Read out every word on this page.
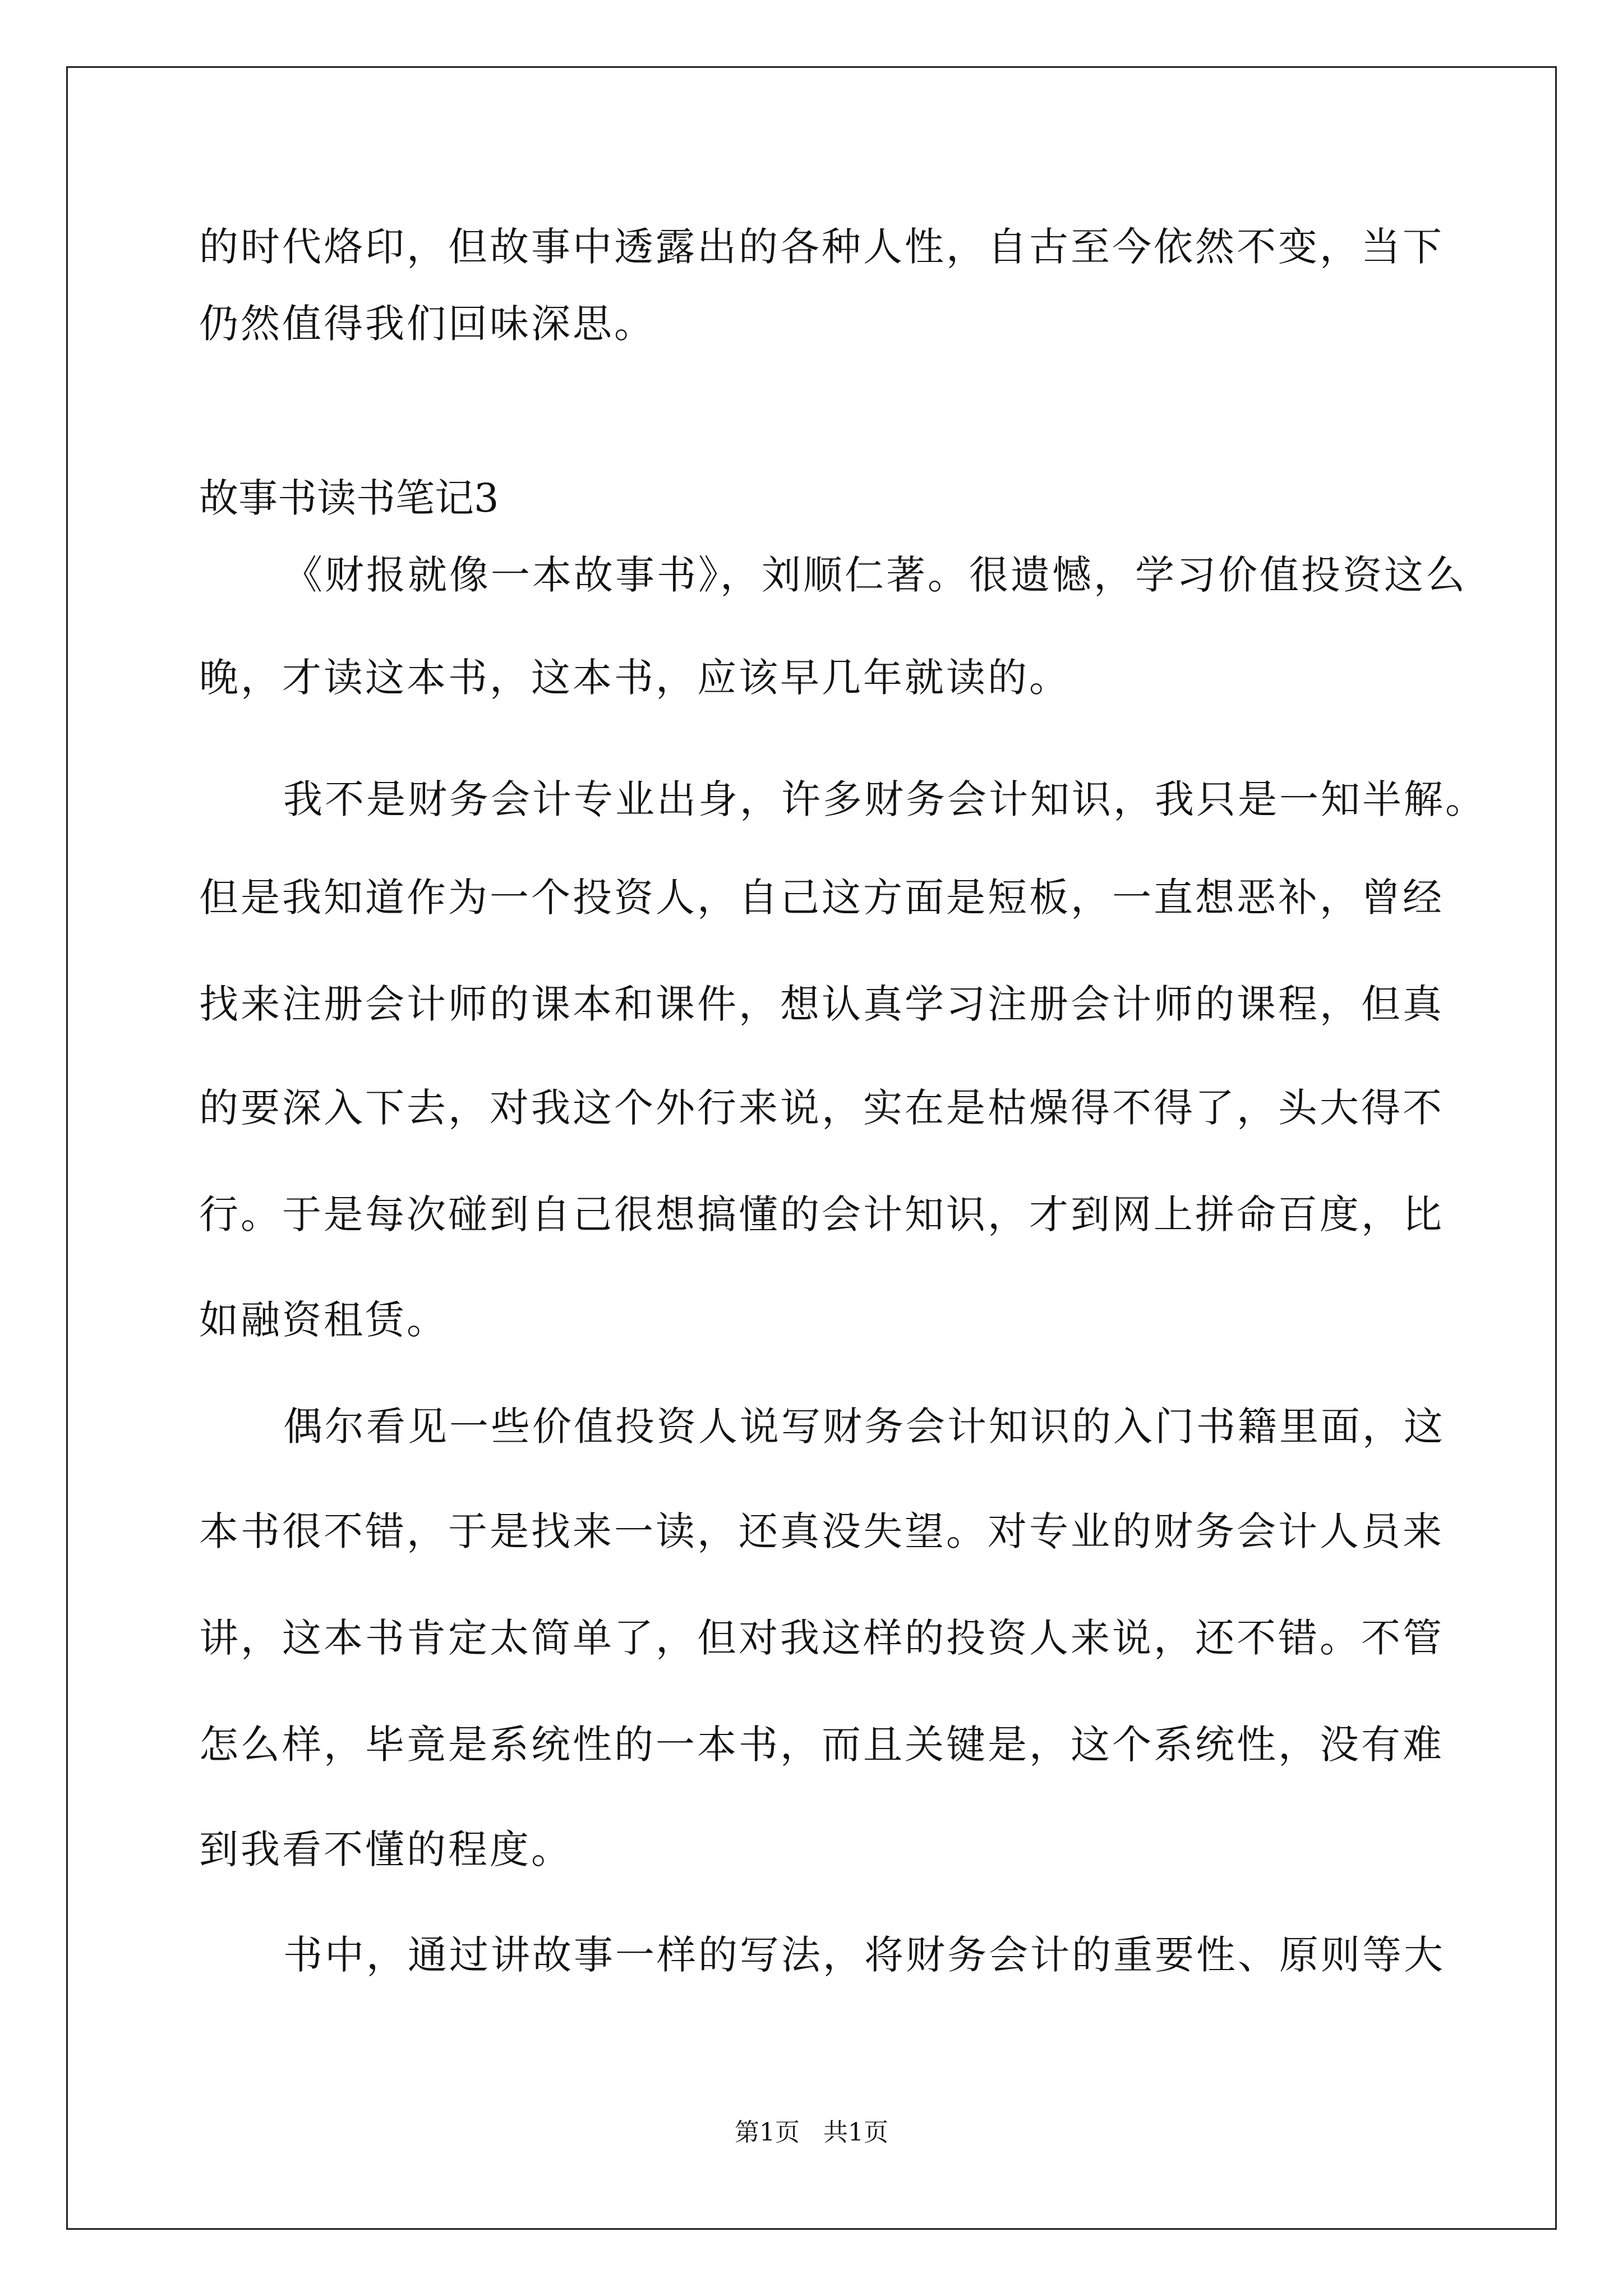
的时代烙印，但故事中透露出的各种人性，自古至今依然不变，当下
仍然值得我们回味深思。
故事书读书笔记3
《财报就像一本故事书》，刘顺仁著。很遗憾，学习价值投资这么
晚，才读这本书，这本书，应该早几年就读的。
我不是财务会计专业出身，许多财务会计知识，我只是一知半解。
但是我知道作为一个投资人，自己这方面是短板，一直想恶补，曾经
找来注册会计师的课本和课件，想认真学习注册会计师的课程，但真
的要深入下去，对我这个外行来说，实在是枯燥得不得了，头大得不
行。于是每次碰到自己很想搞懂的会计知识，才到网上拼命百度，比
如融资租赁。
偶尔看见一些价值投资人说写财务会计知识的入门书籍里面，这
本书很不错，于是找来一读，还真没失望。对专业的财务会计人员来
讲，这本书肯定太简单了，但对我这样的投资人来说，还不错。不管
怎么样，毕竟是系统性的一本书，而且关键是，这个系统性，没有难
到我看不懂的程度。
书中，通过讲故事一样的写法，将财务会计的重要性、原则等大
第1页 共1页
